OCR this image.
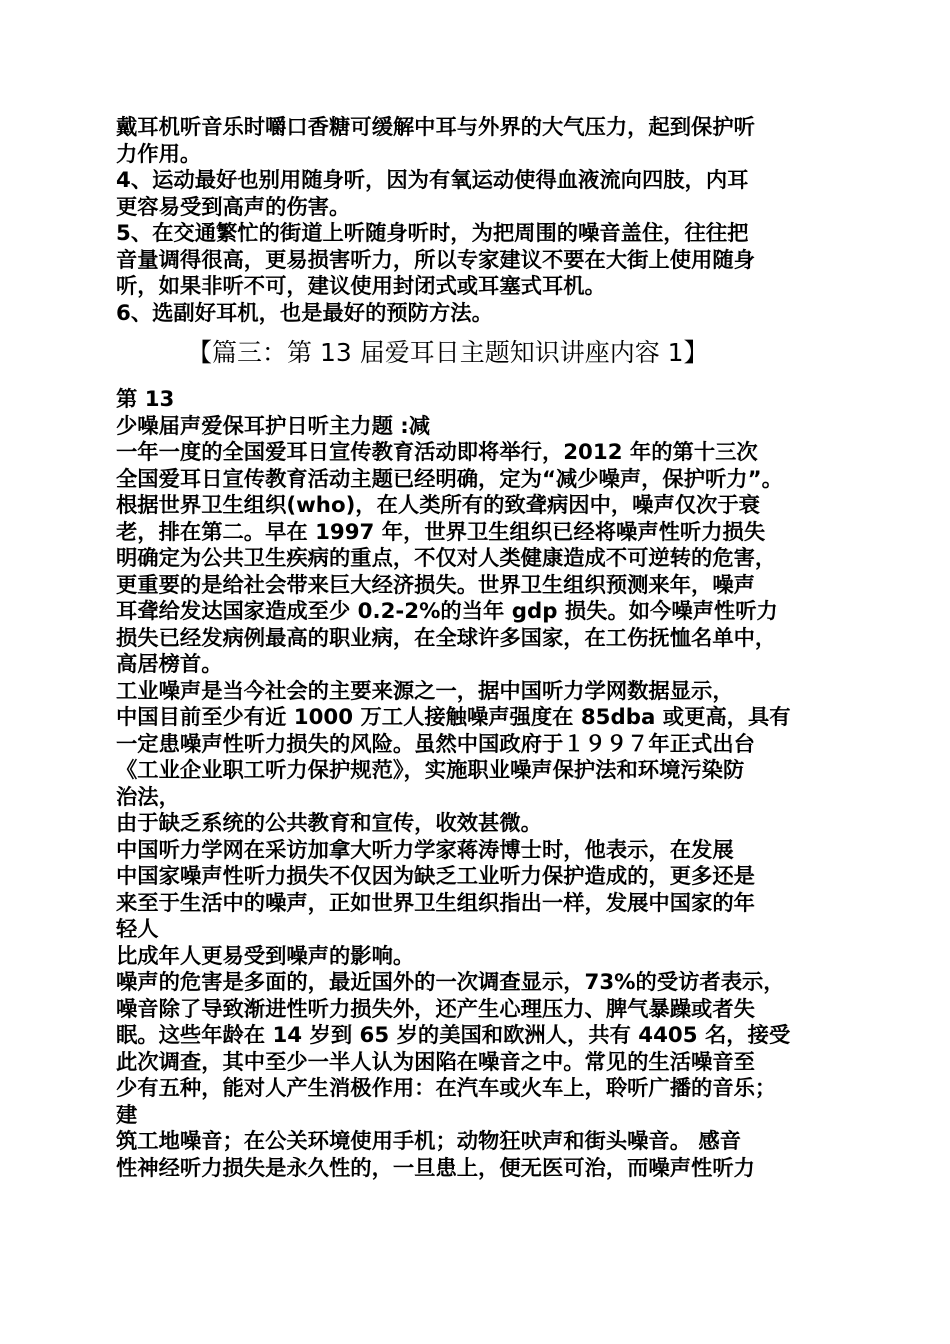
戴耳机听音乐时嚼口香糖可缓解中耳与外界的大气压力，起到保护听
力作用。
4、运动最好也别用随身听，因为有氧运动使得血液流向四肢，内耳
更容易受到高声的伤害。
5、在交通繁忙的街道上听随身听时，为把周围的噪音盖住，往往把
音量调得很高，更易损害听力，所以专家建议不要在大街上使用随身
听，如果非听不可，建议使用封闭式或耳塞式耳机。
6、选副好耳机，也是最好的预防方法。
【篇三：第 13 届爱耳日主题知识讲座内容 1】
第 13
少噪届声爱保耳护日听主力题 :减
一年一度的全国爱耳日宣传教育活动即将举行，2012 年的第十三次
全国爱耳日宣传教育活动主题已经明确，定为“减少噪声，保护听力”。
根据世界卫生组织(who)，在人类所有的致聋病因中，噪声仅次于衰
老，排在第二。早在 1997 年，世界卫生组织已经将噪声性听力损失
明确定为公共卫生疾病的重点，不仅对人类健康造成不可逆转的危害，
更重要的是给社会带来巨大经济损失。世界卫生组织预测来年，噪声
耳聋给发达国家造成至少 0.2-2%的当年 gdp 损失。如今噪声性听力
损失已经发病例最高的职业病，在全球许多国家，在工伤抚恤名单中，
高居榜首。
工业噪声是当今社会的主要来源之一，据中国听力学网数据显示，
中国目前至少有近 1000 万工人接触噪声强度在 85dba 或更高，具有
一定患噪声性听力损失的风险。虽然中国政府于１９９７年正式出台
《工业企业职工听力保护规范》，实施职业噪声保护法和环境污染防
治法，
由于缺乏系统的公共教育和宣传，收效甚微。
中国听力学网在采访加拿大听力学家蒋涛博士时，他表示，在发展
中国家噪声性听力损失不仅因为缺乏工业听力保护造成的，更多还是
来至于生活中的噪声，正如世界卫生组织指出一样，发展中国家的年
轻人
比成年人更易受到噪声的影响。
噪声的危害是多面的，最近国外的一次调查显示，73%的受访者表示，
噪音除了导致渐进性听力损失外，还产生心理压力、脾气暴躁或者失
眠。这些年龄在 14 岁到 65 岁的美国和欧洲人，共有 4405 名，接受
此次调查，其中至少一半人认为困陷在噪音之中。常见的生活噪音至
少有五种，能对人产生消极作用：在汽车或火车上，聆听广播的音乐；
建
筑工地噪音；在公关环境使用手机；动物狂吠声和街头噪音。 感音
性神经听力损失是永久性的，一旦患上，便无医可治，而噪声性听力
